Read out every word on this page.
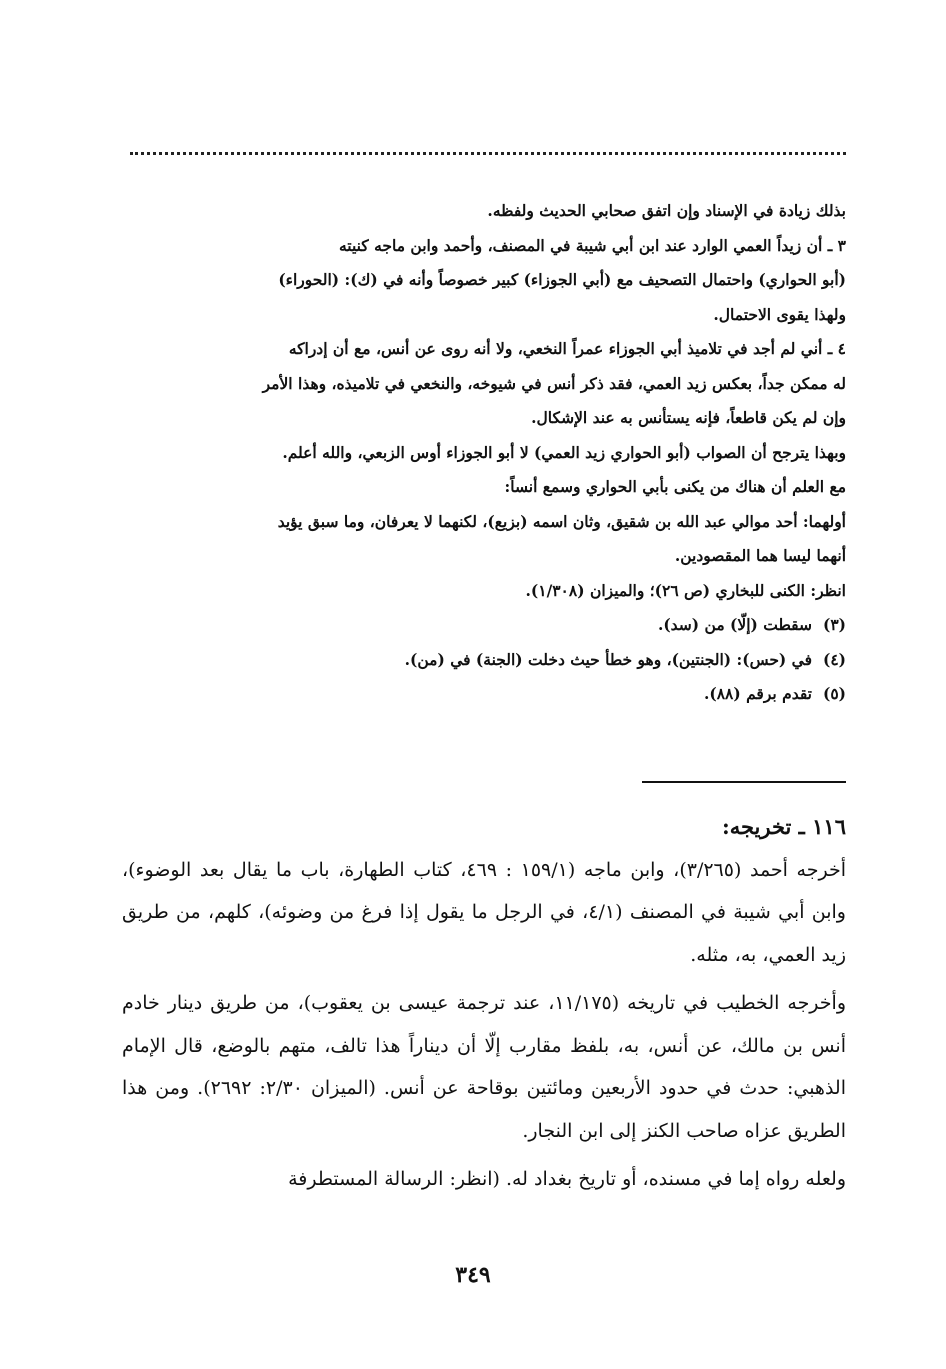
بذلك زيادة في الإسناد وإن اتفق صحابي الحديث ولفظه.

٣ ـ أن زيداً العمي الوارد عند ابن أبي شيبة في المصنف، وأحمد وابن ماجه كنيته

(أبو الحواري) واحتمال التصحيف مع (أبي الجوزاء) كبير خصوصاً وأنه في (ك): (الحوراء)

ولهذا يقوى الاحتمال.

٤ ـ أني لم أجد في تلاميذ أبي الجوزاء عمراً النخعي، ولا أنه روى عن أنس، مع أن إدراكه

له ممكن جداً، بعكس زيد العمي، فقد ذكر أنس في شيوخه، والنخعي في تلاميذه، وهذا الأمر

وإن لم يكن قاطعاً، فإنه يستأنس به عند الإشكال.

وبهذا يترجح أن الصواب (أبو الحواري زيد العمي) لا أبو الجوزاء أوس الزبعي، والله أعلم.

مع العلم أن هناك من يكنى بأبي الحواري وسمع أنساً:

أولهما: أحد موالي عبد الله بن شقيق، وثان اسمه (بزيع)، لكنهما لا يعرفان، وما سبق يؤيد

أنهما ليسا هما المقصودين.

انظر: الكنى للبخاري (ص ٢٦)؛ والميزان (١/٣٠٨).

(٣)سقطت (إلّا) من (سد).

(٤)في (حس): (الجنتين)، وهو خطأ حيث دخلت (الجنة) في (من).

(٥)تقدم برقم (٨٨).

١١٦ ـ تخريجه:

أخرجه أحمد (٣/٢٦٥)، وابن ماجه (١٥٩/١ : ٤٦٩، كتاب الطهارة، باب ما يقال بعد الوضوء)، وابن أبي شيبة في المصنف (٤/١، في الرجل ما يقول إذا فرغ من وضوئه)، كلهم، من طريق زيد العمي، به، مثله.

وأخرجه الخطيب في تاريخه (١١/١٧٥، عند ترجمة عيسى بن يعقوب)، من طريق دينار خادم أنس بن مالك، عن أنس، به، بلفظ مقارب إلّا أن ديناراً هذا تالف، متهم بالوضع، قال الإمام الذهبي: حدث في حدود الأربعين ومائتين بوقاحة عن أنس. (الميزان ٢/٣٠: ٢٦٩٢). ومن هذا الطريق عزاه صاحب الكنز إلى ابن النجار.

ولعله رواه إما في مسنده، أو تاريخ بغداد له. (انظر: الرسالة المستطرفة

٣٤٩
